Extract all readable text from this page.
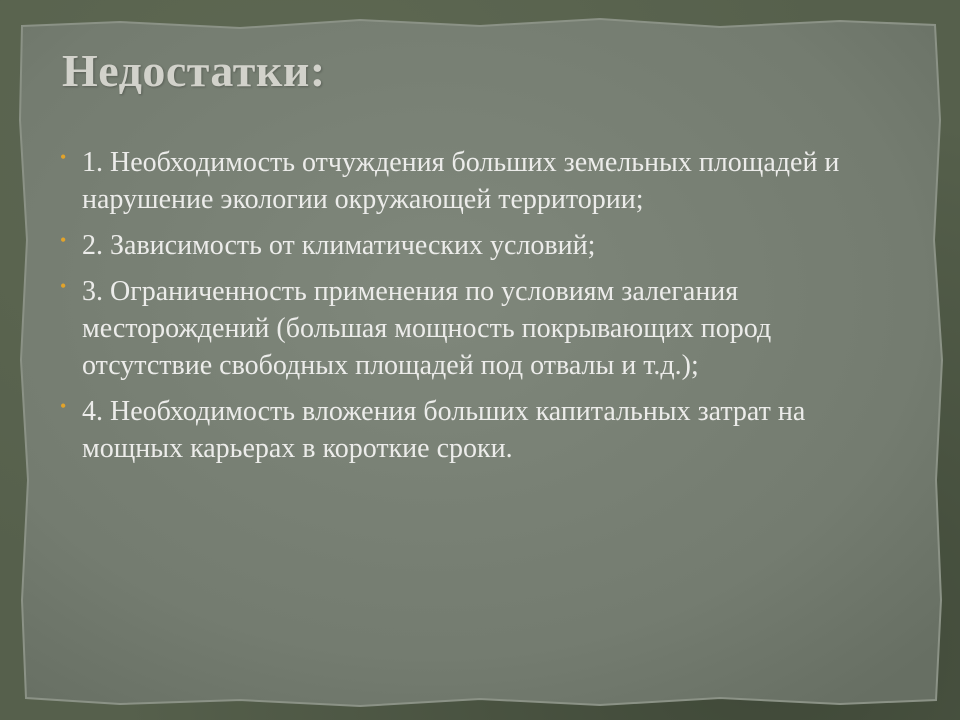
Недостатки:
• 1. Необходимость отчуждения больших земельных площадей и нарушение экологии окружающей территории;
• 2. Зависимость от климатических условий;
• 3. Ограниченность применения по условиям залегания месторождений (большая мощность покрывающих пород отсутствие свободных площадей под отвалы и т.д.);
• 4. Необходимость вложения больших капитальных затрат на мощных карьерах в короткие сроки.
